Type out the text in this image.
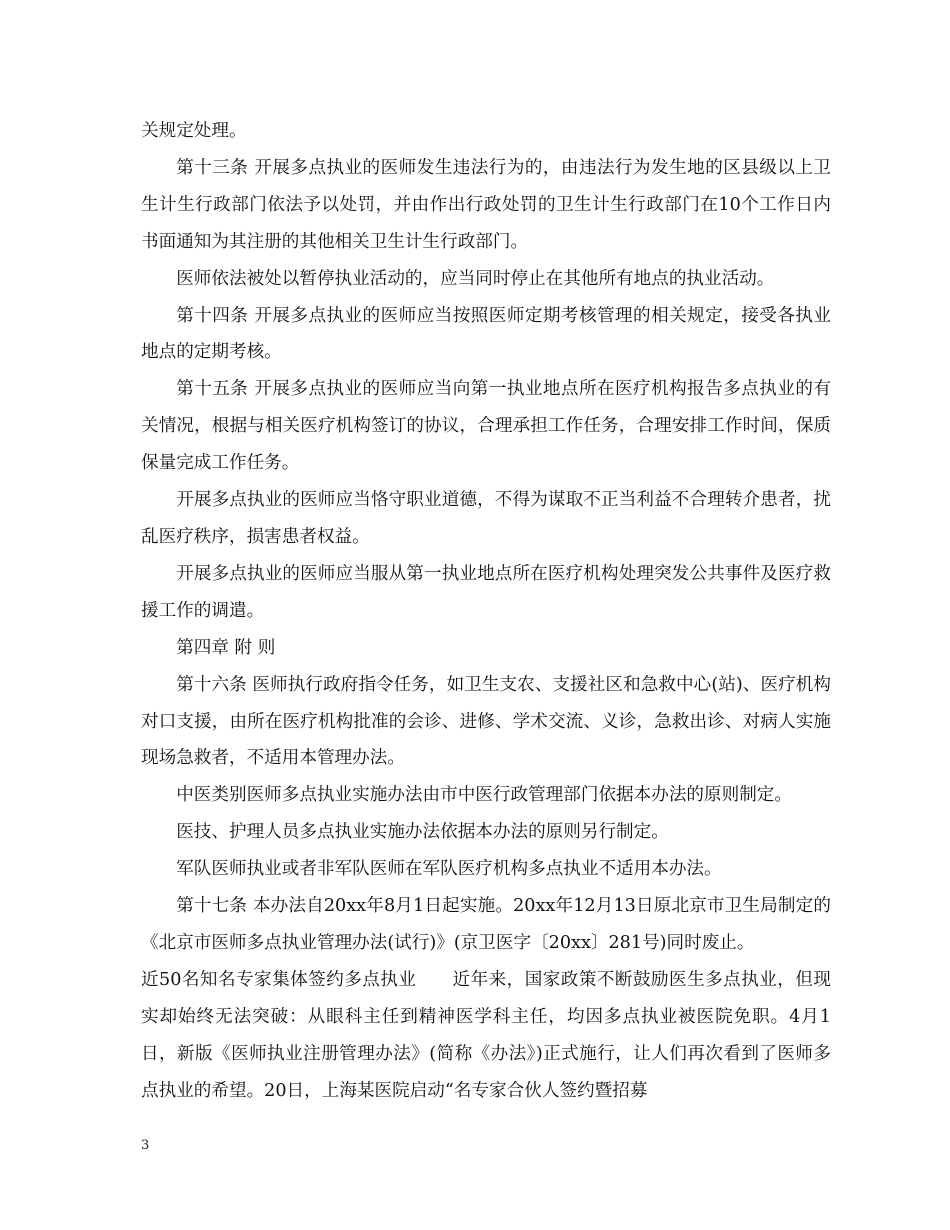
关规定处理。

第十三条 开展多点执业的医师发生违法行为的，由违法行为发生地的区县级以上卫生计生行政部门依法予以处罚，并由作出行政处罚的卫生计生行政部门在10个工作日内书面通知为其注册的其他相关卫生计生行政部门。

医师依法被处以暂停执业活动的，应当同时停止在其他所有地点的执业活动。

第十四条 开展多点执业的医师应当按照医师定期考核管理的相关规定，接受各执业地点的定期考核。

第十五条 开展多点执业的医师应当向第一执业地点所在医疗机构报告多点执业的有关情况，根据与相关医疗机构签订的协议，合理承担工作任务，合理安排工作时间，保质保量完成工作任务。

开展多点执业的医师应当恪守职业道德，不得为谋取不正当利益不合理转介患者，扰乱医疗秩序，损害患者权益。

开展多点执业的医师应当服从第一执业地点所在医疗机构处理突发公共事件及医疗救援工作的调遣。

第四章 附 则

第十六条 医师执行政府指令任务，如卫生支农、支援社区和急救中心(站)、医疗机构对口支援，由所在医疗机构批准的会诊、进修、学术交流、义诊，急救出诊、对病人实施现场急救者，不适用本管理办法。

中医类别医师多点执业实施办法由市中医行政管理部门依据本办法的原则制定。

医技、护理人员多点执业实施办法依据本办法的原则另行制定。

军队医师执业或者非军队医师在军队医疗机构多点执业不适用本办法。

第十七条 本办法自20xx年8月1日起实施。20xx年12月13日原北京市卫生局制定的《北京市医师多点执业管理办法(试行)》(京卫医字〔20xx〕281号)同时废止。

近50名知名专家集体签约多点执业　　近年来，国家政策不断鼓励医生多点执业，但现实却始终无法突破：从眼科主任到精神医学科主任，均因多点执业被医院免职。4月1日，新版《医师执业注册管理办法》(简称《办法》)正式施行，让人们再次看到了医师多点执业的希望。20日，上海某医院启动“名专家合伙人签约暨招募

3
